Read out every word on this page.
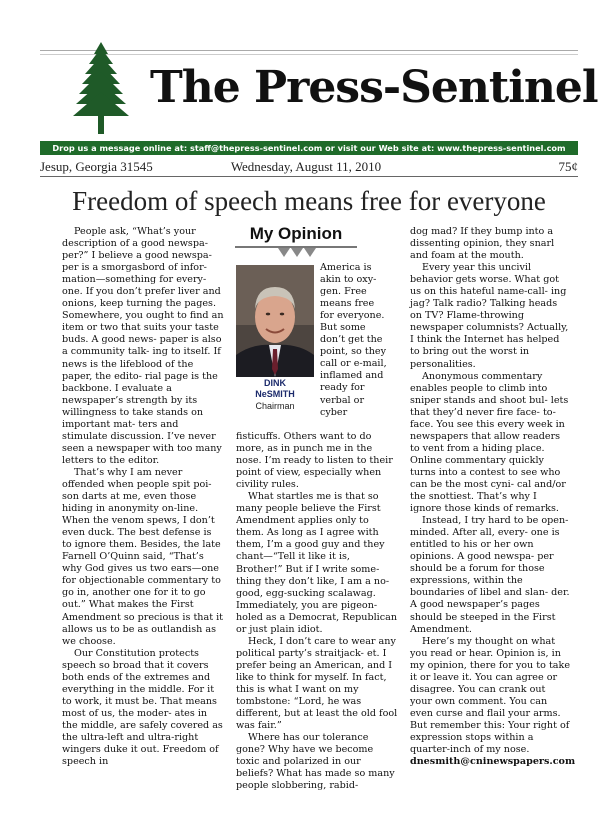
The Press-Sentinel
Drop us a message online at: staff@thepress-sentinel.com or visit our Web site at: www.thepress-sentinel.com
Jesup, Georgia 31545	Wednesday, August 11, 2010	75¢
Freedom of speech means free for everyone

People ask, “What’s your description of a good newspa- per?” I believe a good newspa- per is a smorgasbord of infor- mation—something for every- one. If you don’t prefer liver and onions, keep turning the pages. Somewhere, you ought to find an item or two that suits your taste buds. A good news- paper is also a community talk- ing to itself. If news is the lifeblood of the paper, the edito- rial page is the backbone. I evaluate a newspaper’s strength by its willingness to take stands on important mat- ters and stimulate discussion. I’ve never seen a newspaper with too many letters to the editor.

That’s why I am never offended when people spit poi- son darts at me, even those hiding in anonymity on-line. When the venom spews, I don’t even duck. The best defense is to ignore them. Besides, the late Farnell O’Quinn said, “That’s why God gives us two ears—one for objectionable commentary to go in, another one for it to go out.” What makes the First Amendment so precious is that it allows us to be as outlandish as we choose.

Our Constitution protects speech so broad that it covers both ends of the extremes and everything in the middle. For it to work, it must be. That means most of us, the moder- ates in the middle, are safely covered as the ultra-left and ultra-right wingers duke it out. Freedom of speech in

My Opinion
DINK
NeSMITH
Chairman

America is akin to oxy- gen. Free means free for everyone. But some don’t get the point, so they call or e-mail, inflamed and ready for verbal or cyber

fisticuffs. Others want to do more, as in punch me in the nose. I’m ready to listen to their point of view, especially when civility rules.

What startles me is that so many people believe the First Amendment applies only to them. As long as I agree with them, I’m a good guy and they chant—“Tell it like it is, Brother!” But if I write some- thing they don’t like, I am a no-good, egg-sucking scalawag. Immediately, you are pigeon- holed as a Democrat, Republican or just plain idiot.

Heck, I don’t care to wear any political party’s straitjack- et. I prefer being an American, and I like to think for myself. In fact, this is what I want on my tombstone: “Lord, he was different, but at least the old fool was fair.”

Where has our tolerance gone? Why have we become toxic and polarized in our beliefs? What has made so many people slobbering, rabid-

dog mad? If they bump into a dissenting opinion, they snarl and foam at the mouth.

Every year this uncivil behavior gets worse. What got us on this hateful name-call- ing jag? Talk radio? Talking heads on TV? Flame-throwing newspaper columnists? Actually, I think the Internet has helped to bring out the worst in personalities.

Anonymous commentary enables people to climb into sniper stands and shoot bul- lets that they’d never fire face- to-face. You see this every week in newspapers that allow readers to vent from a hiding place. Online commentary quickly turns into a contest to see who can be the most cyni- cal and/or the snottiest. That’s why I ignore those kinds of remarks.

Instead, I try hard to be open-minded. After all, every- one is entitled to his or her own opinions. A good newspa- per should be a forum for those expressions, within the boundaries of libel and slan- der. A good newspaper’s pages should be steeped in the First Amendment.

Here’s my thought on what you read or hear. Opinion is, in my opinion, there for you to take it or leave it. You can agree or disagree. You can crank out your own comment. You can even curse and flail your arms. But remember this: Your right of expression stops within a quarter-inch of my nose.

dnesmith@cninewspapers.com
